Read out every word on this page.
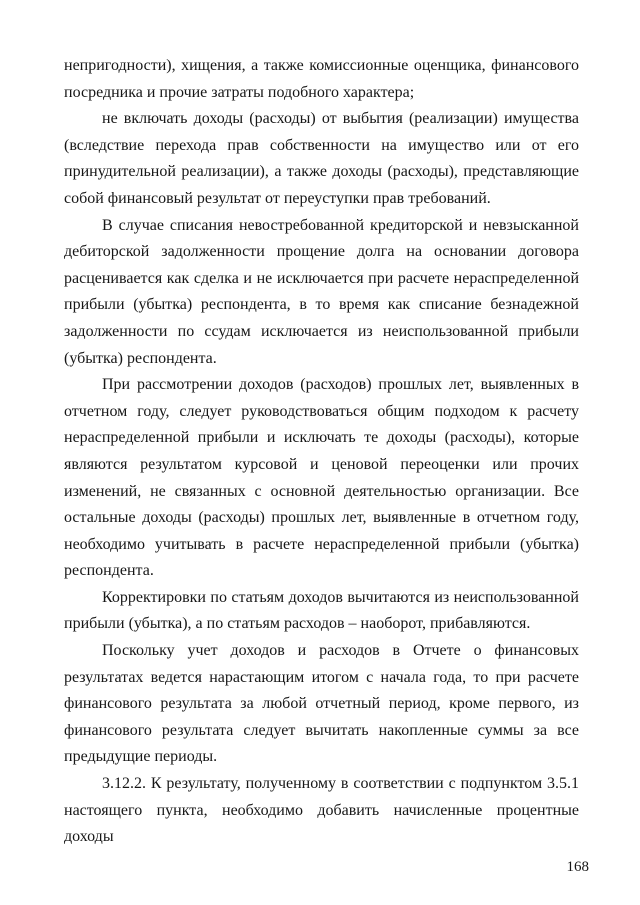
непригодности), хищения, а также комиссионные оценщика, финансового
посредника и прочие затраты подобного характера;
не включать доходы (расходы) от выбытия (реализации) имущества
(вследствие перехода прав собственности на имущество или от его
принудительной реализации), а также доходы (расходы), представляющие
собой финансовый результат от переуступки прав требований.
В случае списания невостребованной кредиторской и невзысканной
дебиторской задолженности прощение долга на основании договора
расценивается как сделка и не исключается при расчете нераспределенной
прибыли (убытка) респондента, в то время как списание безнадежной
задолженности по ссудам исключается из неиспользованной прибыли
(убытка) респондента.
При рассмотрении доходов (расходов) прошлых лет, выявленных в
отчетном году, следует руководствоваться общим подходом к расчету
нераспределенной прибыли и исключать те доходы (расходы), которые
являются результатом курсовой и ценовой переоценки или прочих
изменений, не связанных с основной деятельностью организации. Все
остальные доходы (расходы) прошлых лет, выявленные в отчетном году,
необходимо учитывать в расчете нераспределенной прибыли (убытка)
респондента.
Корректировки по статьям доходов вычитаются из неиспользованной
прибыли (убытка), а по статьям расходов – наоборот, прибавляются.
Поскольку учет доходов и расходов в Отчете о финансовых
результатах ведется нарастающим итогом с начала года, то при расчете
финансового результата за любой отчетный период, кроме первого, из
финансового результата следует вычитать накопленные суммы за все
предыдущие периоды.
3.12.2. К результату, полученному в соответствии с подпунктом 3.5.1
настоящего пункта, необходимо добавить начисленные процентные доходы
168
